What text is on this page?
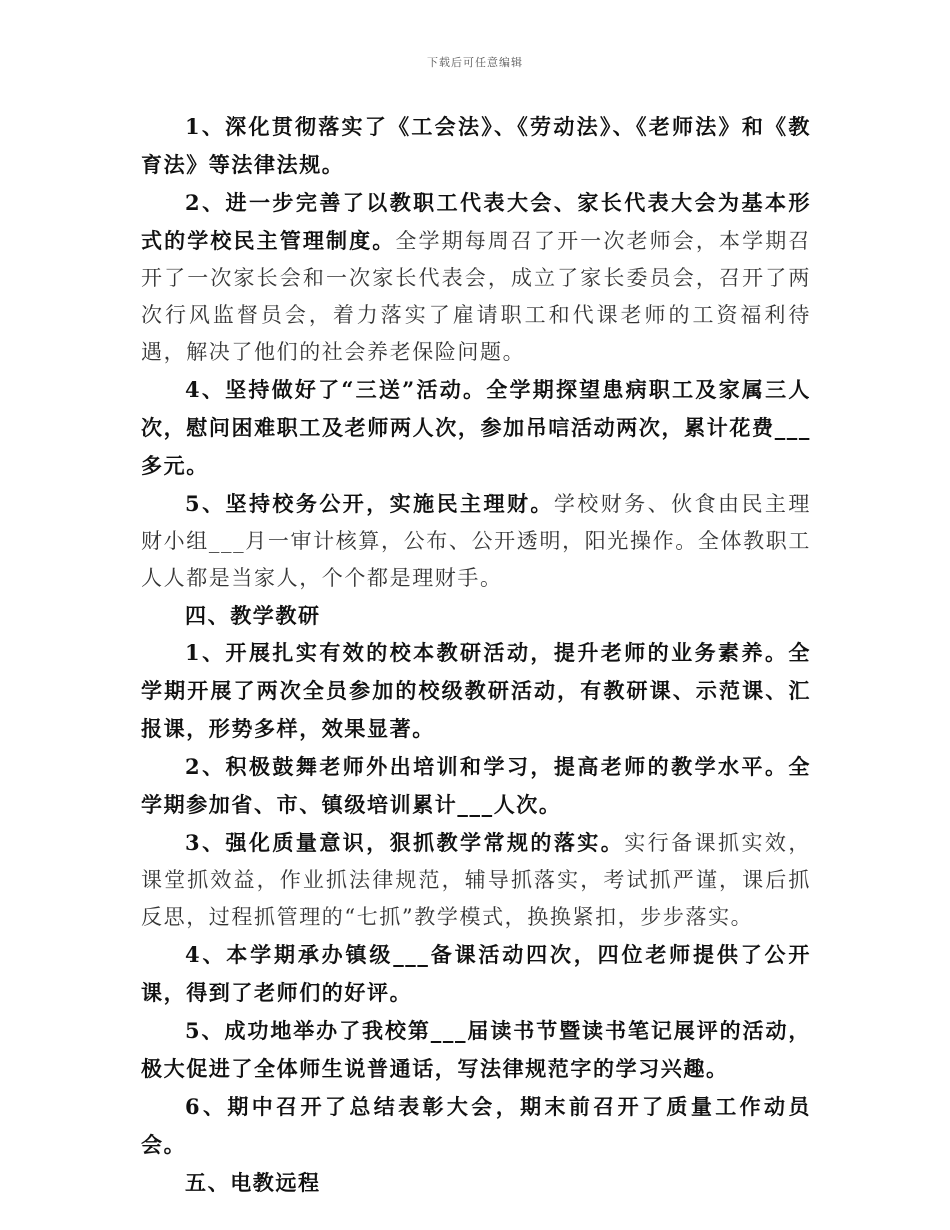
下载后可任意编辑

1、深化贯彻落实了《工会法》、《劳动法》、《老师法》和《教育法》等法律法规。

2、进一步完善了以教职工代表大会、家长代表大会为基本形式的学校民主管理制度。全学期每周召了开一次老师会，本学期召开了一次家长会和一次家长代表会，成立了家长委员会，召开了两次行风监督员会，着力落实了雇请职工和代课老师的工资福利待遇，解决了他们的社会养老保险问题。

4、坚持做好了“三送”活动。全学期探望患病职工及家属三人次，慰问困难职工及老师两人次，参加吊唁活动两次，累计花费___多元。

5、坚持校务公开，实施民主理财。学校财务、伙食由民主理财小组___月一审计核算，公布、公开透明，阳光操作。全体教职工人人都是当家人，个个都是理财手。

四、教学教研

1、开展扎实有效的校本教研活动，提升老师的业务素养。全学期开展了两次全员参加的校级教研活动，有教研课、示范课、汇报课，形势多样，效果显著。

2、积极鼓舞老师外出培训和学习，提高老师的教学水平。全学期参加省、市、镇级培训累计___人次。

3、强化质量意识，狠抓教学常规的落实。实行备课抓实效，课堂抓效益，作业抓法律规范，辅导抓落实，考试抓严谨，课后抓反思，过程抓管理的“七抓”教学模式，换换紧扣，步步落实。

4、本学期承办镇级___备课活动四次，四位老师提供了公开课，得到了老师们的好评。

5、成功地举办了我校第___届读书节暨读书笔记展评的活动，极大促进了全体师生说普通话，写法律规范字的学习兴趣。

6、期中召开了总结表彰大会，期末前召开了质量工作动员会。

五、电教远程
